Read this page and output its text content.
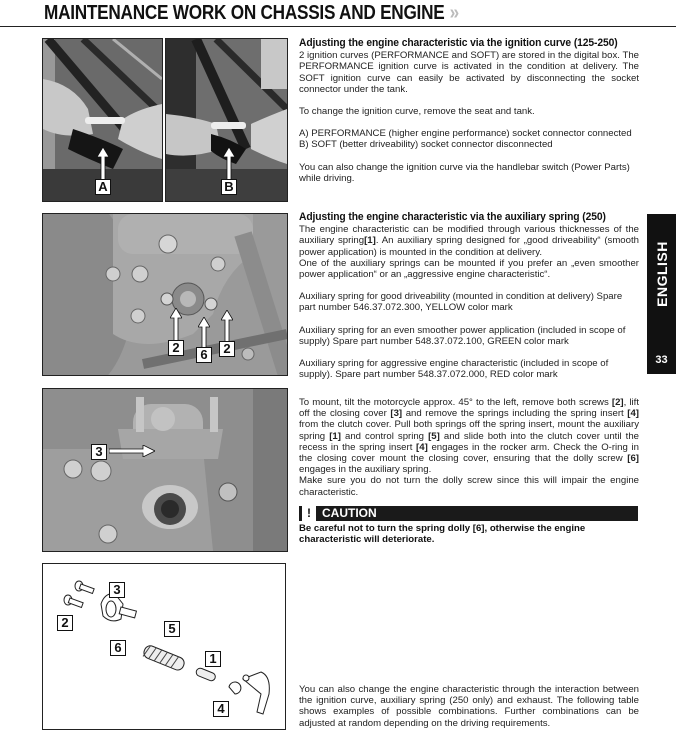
MAINTENANCE WORK ON CHASSIS AND ENGINE »
A	B
2	6	2
3
3
2
6
5
1
4
Adjusting the engine characteristic via the ignition curve (125-250)

2 ignition curves (PERFORMANCE and SOFT) are stored in the digital box. The PERFORMANCE ignition curve is activated in the condition at delivery. The SOFT ignition curve can easily be activated by disconnecting the socket connector under the tank.

To change the ignition curve, remove the seat and tank.

A) PERFORMANCE (higher engine performance) socket connector connected
B) SOFT (better driveability) socket connector disconnected

You can also change the ignition curve via the handlebar switch (Power Parts) while driving.

Adjusting the engine characteristic via the auxiliary spring (250)

The engine characteristic can be modified through various thicknesses of the auxiliary spring[1]. An auxiliary spring designed for „good driveability“ (smooth power application) is mounted in the condition at delivery.
One of the auxiliary springs can be mounted if you prefer an „even smoother power application“ or an „aggressive engine characteristic“.

Auxiliary spring for good driveability (mounted in condition at delivery) Spare part number 546.37.072.300, YELLOW color mark

Auxiliary spring for an even smoother power application (included in scope of supply) Spare part number 548.37.072.100, GREEN color mark

Auxiliary spring for aggressive engine characteristic (included in scope of supply). Spare part number 548.37.072.000, RED color mark

To mount, tilt the motorcycle approx. 45° to the left, remove both screws [2], lift off the closing cover [3] and remove the springs including the spring insert [4] from the clutch cover. Pull both springs off the spring insert, mount the auxiliary spring [1] and control spring [5] and slide both into the clutch cover until the recess in the spring insert [4] engages in the rocker arm. Check the O-ring in the closing cover mount the closing cover, ensuring that the dolly screw [6] engages in the auxiliary spring.

Make sure you do not turn the dolly screw since this will impair the engine characteristic.

! CAUTION
Be careful not to turn the spring dolly [6], otherwise the engine characteristic will deteriorate.

You can also change the engine characteristic through the interaction between the ignition curve, auxiliary spring (250 only) and exhaust. The following table shows examples of possible combinations. Further combinations can be adjusted at random depending on the driving requirements.

ENGLISH
33
